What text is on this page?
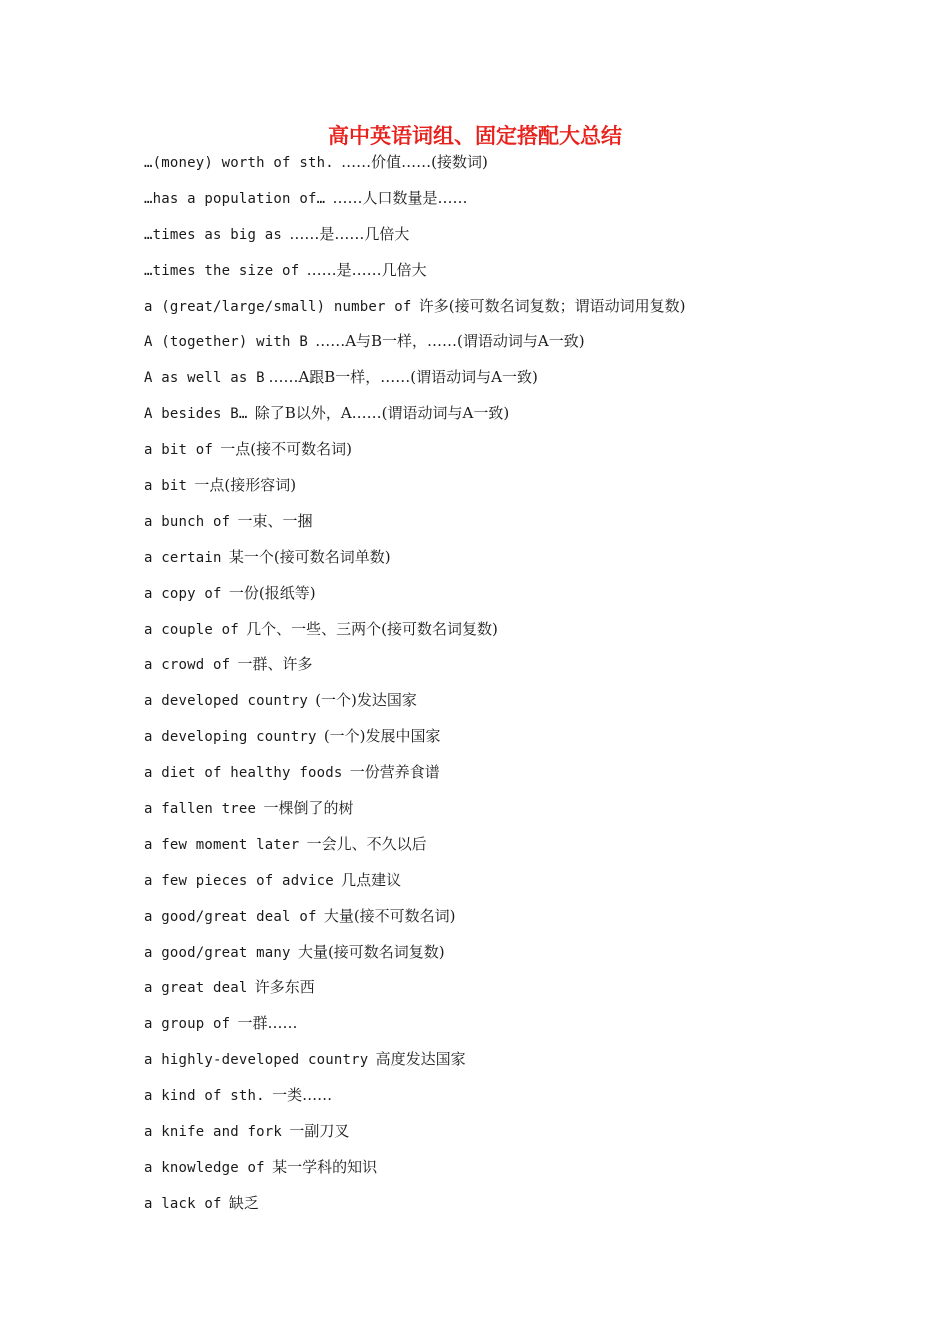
高中英语词组、固定搭配大总结
…(money) worth of sth. ……价值……(接数词)
…has a population of… ……人口数量是……
…times as big as ……是……几倍大
…times the size of ……是……几倍大
a (great/large/small) number of 许多(接可数名词复数；谓语动词用复数)
A (together) with B ……A与B一样，……(谓语动词与A一致)
A as well as B ……A跟B一样，……(谓语动词与A一致)
A besides B… 除了B以外，A……(谓语动词与A一致)
a bit of 一点(接不可数名词)
a bit 一点(接形容词)
a bunch of 一束、一捆
a certain 某一个(接可数名词单数)
a copy of 一份(报纸等)
a couple of 几个、一些、三两个(接可数名词复数)
a crowd of 一群、许多
a developed country (一个)发达国家
a developing country (一个)发展中国家
a diet of healthy foods 一份营养食谱
a fallen tree 一棵倒了的树
a few moment later 一会儿、不久以后
a few pieces of advice 几点建议
a good/great deal of 大量(接不可数名词)
a good/great many 大量(接可数名词复数)
a great deal 许多东西
a group of 一群……
a highly-developed country 高度发达国家
a kind of sth. 一类……
a knife and fork 一副刀叉
a knowledge of 某一学科的知识
a lack of 缺乏
